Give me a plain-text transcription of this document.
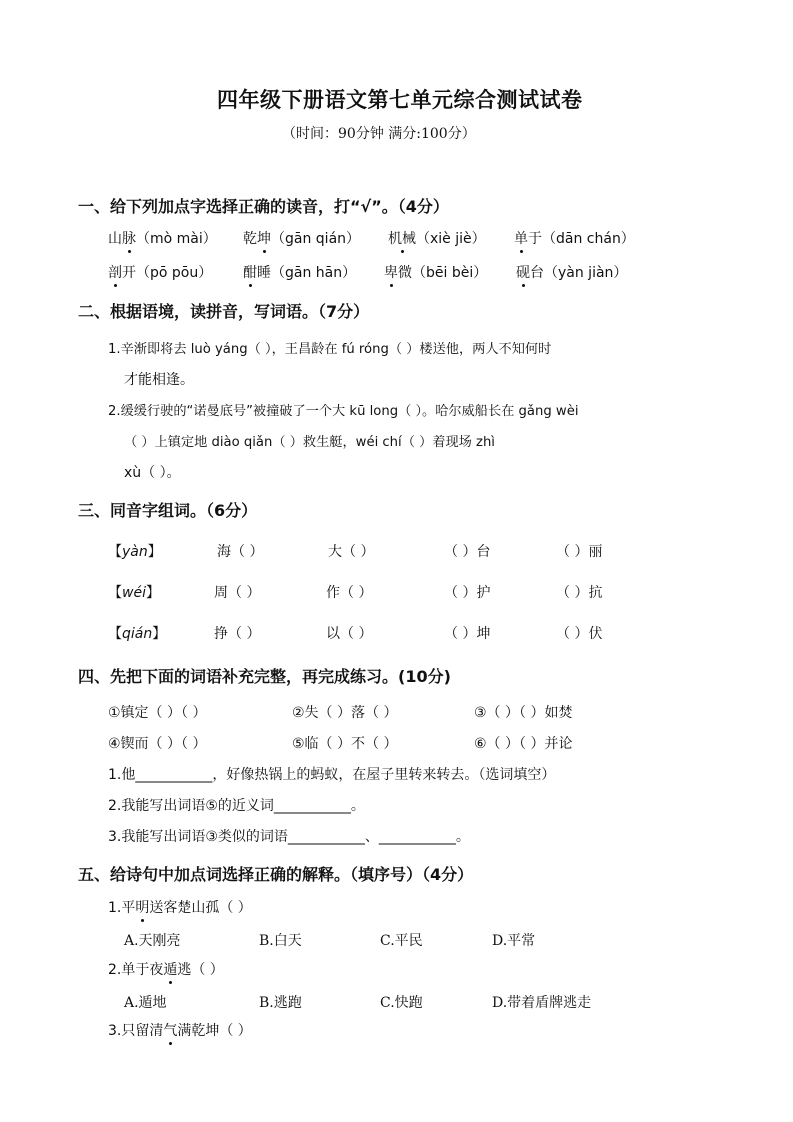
四年级下册语文第七单元综合测试试卷
（时间：90分钟 满分:100分）
一、给下列加点字选择正确的读音，打“√”。（4分）
山脉（mò mài） 乾坤（gān qián） 机械（xiè jiè） 单于（dān chán）
剖开（pō pōu） 酣睡（gān hān） 卑微（bēi bèi） 砚台（yàn jiàn）
二、根据语境，读拼音，写词语。（7分）
1.辛渐即将去 luò yáng（ ），王昌龄在 fú róng（ ）楼送他，两人不知何时
才能相逢。
2.缓缓行驶的“诺曼底号”被撞破了一个大 kū long（ ）。哈尔威船长在 gǎng wèi
（ ）上镇定地 diào qiǎn（ ）救生艇，wéi chí（ ）着现场 zhì
xù（ ）。
三、同音字组词。（6分）
【yàn】	海（ ）	大（ ）	（ ）台	（ ）丽
【wéi】	周（ ）	作（ ）	（ ）护	（ ）抗
【qián】	挣（ ）	以（ ）	（ ）坤	（ ）伏
四、先把下面的词语补充完整，再完成练习。(10分)
①镇定（ ）（ ）	②失（ ）落（ ）	③（ ）（ ）如焚
④锲而（ ）（ ）	⑤临（ ）不（ ）	⑥（ ）（ ）并论
1.他___________，好像热锅上的蚂蚁，在屋子里转来转去。（选词填空）
2.我能写出词语⑤的近义词___________。
3.我能写出词语③类似的词语___________、___________。
五、给诗句中加点词选择正确的解释。（填序号）（4分）
1.平明送客楚山孤（ ）
A.天刚亮	B.白天	C.平民	D.平常
2.单于夜遁逃（ ）
A.遁地	B.逃跑	C.快跑	D.带着盾牌逃走
3.只留清气满乾坤（ ）
